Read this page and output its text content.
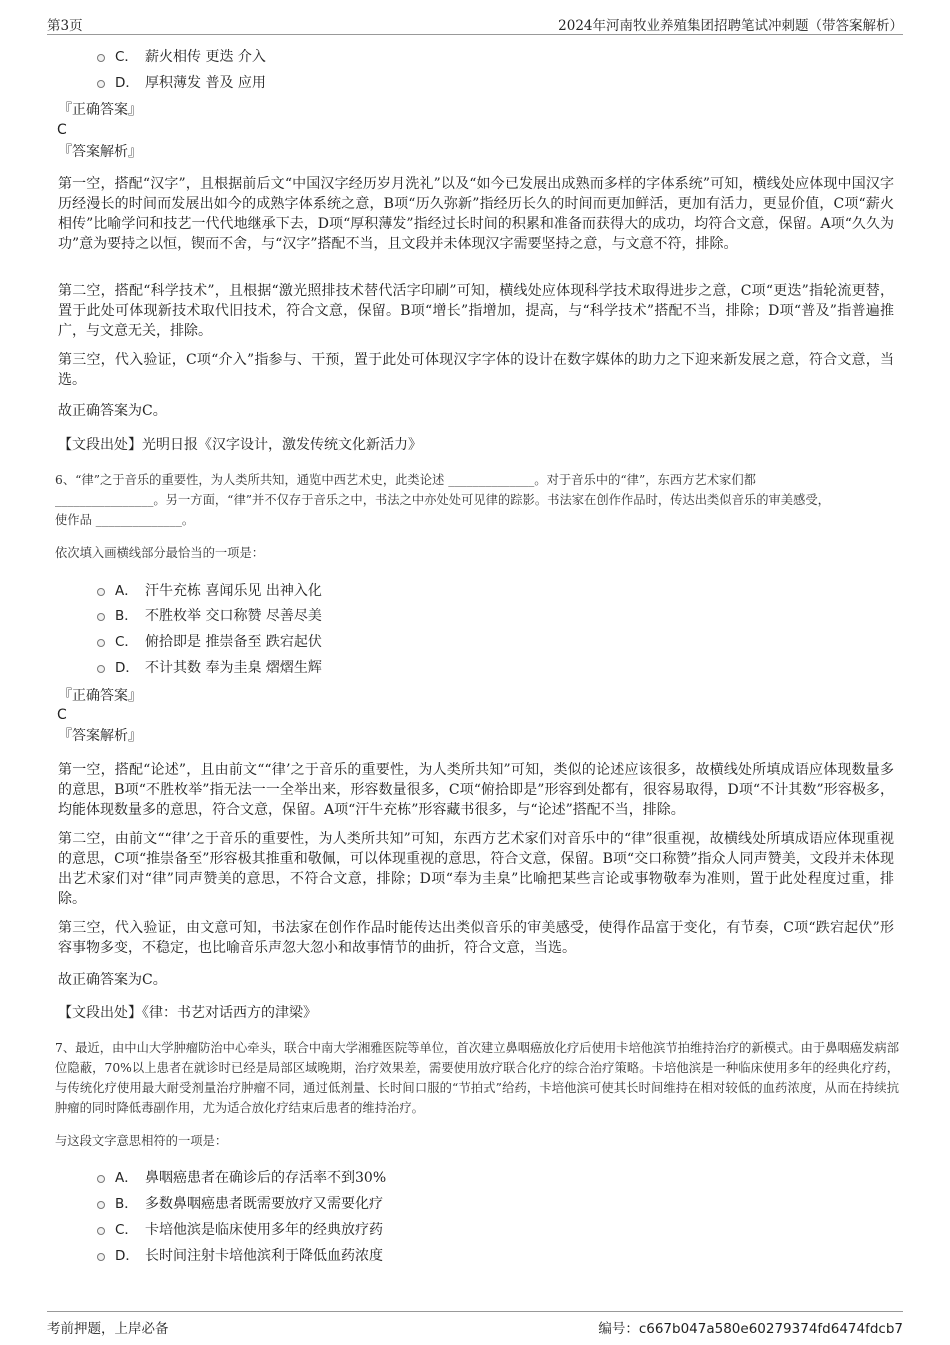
第3页	2024年河南牧业养殖集团招聘笔试冲刺题（带答案解析）
C． 薪火相传 更迭 介入
D． 厚积薄发 普及 应用
『正确答案』
C
『答案解析』
第一空，搭配“汉字”，且根据前后文“中国汉字经历岁月洗礼”以及“如今已发展出成熟而多样的字体系统”可知，横线处应体现中国汉字历经漫长的时间而发展出如今的成熟字体系统之意，B项“历久弥新”指经历长久的时间而更加鲜活，更加有活力，更显价值，C项“薪火相传”比喻学问和技艺一代代地继承下去，D项“厚积薄发”指经过长时间的积累和准备而获得大的成功，均符合文意，保留。A项“久久为功”意为要持之以恒，锲而不舍，与“汉字”搭配不当，且文段并未体现汉字需要坚持之意，与文意不符，排除。
第二空，搭配“科学技术”，且根据“激光照排技术替代活字印刷”可知，横线处应体现科学技术取得进步之意，C项“更迭”指轮流更替，置于此处可体现新技术取代旧技术，符合文意，保留。B项“增长”指增加，提高，与“科学技术”搭配不当，排除；D项“普及”指普遍推广，与文意无关，排除。
第三空，代入验证，C项“介入”指参与、干预，置于此处可体现汉字字体的设计在数字媒体的助力之下迎来新发展之意，符合文意，当选。
故正确答案为C。
【文段出处】光明日报《汉字设计，激发传统文化新活力》
6、“律”之于音乐的重要性，为人类所共知，通览中西艺术史，此类论述 ______________。对于音乐中的“律”，东西方艺术家们都
________________。另一方面，“律”并不仅存于音乐之中，书法之中亦处处可见律的踪影。书法家在创作作品时，传达出类似音乐的审美感受，
使作品 ______________。
依次填入画横线部分最恰当的一项是：
A． 汗牛充栋 喜闻乐见 出神入化
B． 不胜枚举 交口称赞 尽善尽美
C． 俯拾即是 推崇备至 跌宕起伏
D． 不计其数 奉为圭臬 熠熠生辉
『正确答案』
C
『答案解析』
第一空，搭配“论述”，且由前文““律’之于音乐的重要性，为人类所共知”可知，类似的论述应该很多，故横线处所填成语应体现数量多的意思，B项“不胜枚举”指无法一一全举出来，形容数量很多，C项“俯拾即是”形容到处都有，很容易取得，D项“不计其数”形容极多，均能体现数量多的意思，符合文意，保留。A项“汗牛充栋”形容藏书很多，与“论述”搭配不当，排除。
第二空，由前文““律’之于音乐的重要性，为人类所共知”可知，东西方艺术家们对音乐中的“律”很重视，故横线处所填成语应体现重视的意思，C项“推崇备至”形容极其推重和敬佩，可以体现重视的意思，符合文意，保留。B项“交口称赞”指众人同声赞美，文段并未体现出艺术家们对“律”同声赞美的意思，不符合文意，排除；D项“奉为圭臬”比喻把某些言论或事物敬奉为准则，置于此处程度过重，排除。
第三空，代入验证，由文意可知，书法家在创作作品时能传达出类似音乐的审美感受，使得作品富于变化，有节奏，C项“跌宕起伏”形容事物多变，不稳定，也比喻音乐声忽大忽小和故事情节的曲折，符合文意，当选。
故正确答案为C。
【文段出处】《律：书艺对话西方的津梁》
7、最近，由中山大学肿瘤防治中心牵头，联合中南大学湘雅医院等单位，首次建立鼻咽癌放化疗后使用卡培他滨节拍维持治疗的新模式。由于鼻咽癌发病部位隐蔽，70%以上患者在就诊时已经是局部区域晚期，治疗效果差，需要使用放疗联合化疗的综合治疗策略。卡培他滨是一种临床使用多年的经典化疗药，与传统化疗使用最大耐受剂量治疗肿瘤不同，通过低剂量、长时间口服的“节拍式”给药，卡培他滨可使其长时间维持在相对较低的血药浓度，从而在持续抗肿瘤的同时降低毒副作用，尤为适合放化疗结束后患者的维持治疗。
与这段文字意思相符的一项是：
A． 鼻咽癌患者在确诊后的存活率不到30%
B． 多数鼻咽癌患者既需要放疗又需要化疗
C． 卡培他滨是临床使用多年的经典放疗药
D． 长时间注射卡培他滨利于降低血药浓度
考前押题，上岸必备	编号：c667b047a580e60279374fd6474fdcb7
